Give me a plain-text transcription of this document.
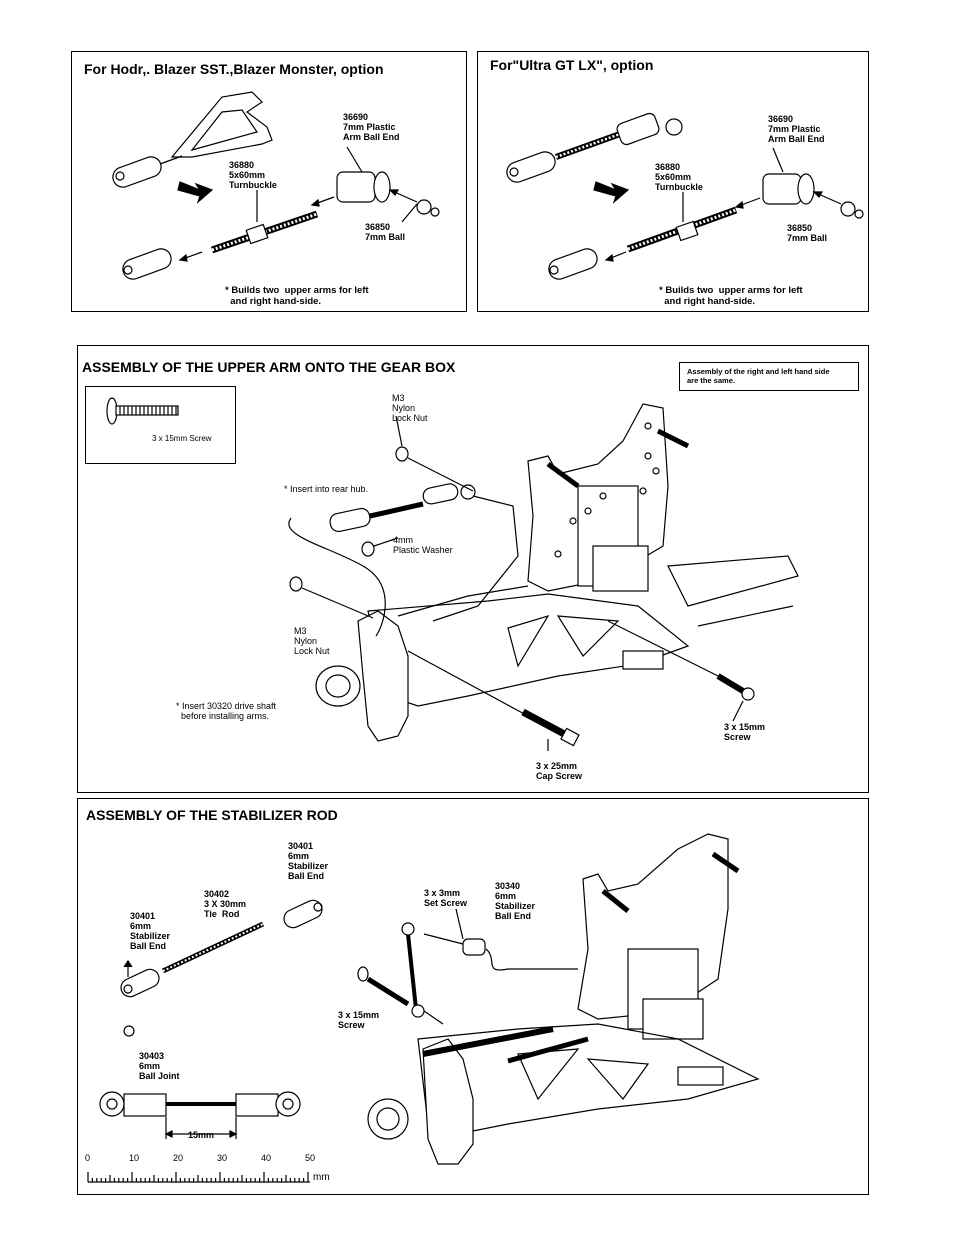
For Hodr,. Blazer SST.,Blazer Monster, option
36690
7mm Plastic
Arm Ball End
36880
5x60mm
Turnbuckle
36850
7mm Ball
* Builds two  upper arms for left
and right hand-side.
For"Ultra GT LX", option
36690
7mm Plastic
Arm Ball End
36880
5x60mm
Turnbuckle
36850
7mm Ball
* Builds two  upper arms for left
and right hand-side.
ASSEMBLY OF THE UPPER ARM ONTO THE GEAR BOX	Assembly of the right and left hand side
are the same.
3 x 15mm Screw
M3
Nylon
Lock Nut
* Insert into rear hub.
4mm
Plastic Washer
M3
Nylon
Lock Nut
* Insert 30320 drive shaft
before installing arms.
3 x 25mm
Cap Screw
3 x 15mm
Screw
ASSEMBLY OF THE STABILIZER ROD
30401
6mm
Stabilizer
Ball End
30402
3 X 30mm
Tie  Rod
30401
6mm
Stabilizer
Ball End
30403
6mm
Ball Joint
3 x 3mm
Set Screw
30340
6mm
Stabilizer
Ball End
3 x 15mm
Screw
15mm
mm
0	10	20	30	40	50
